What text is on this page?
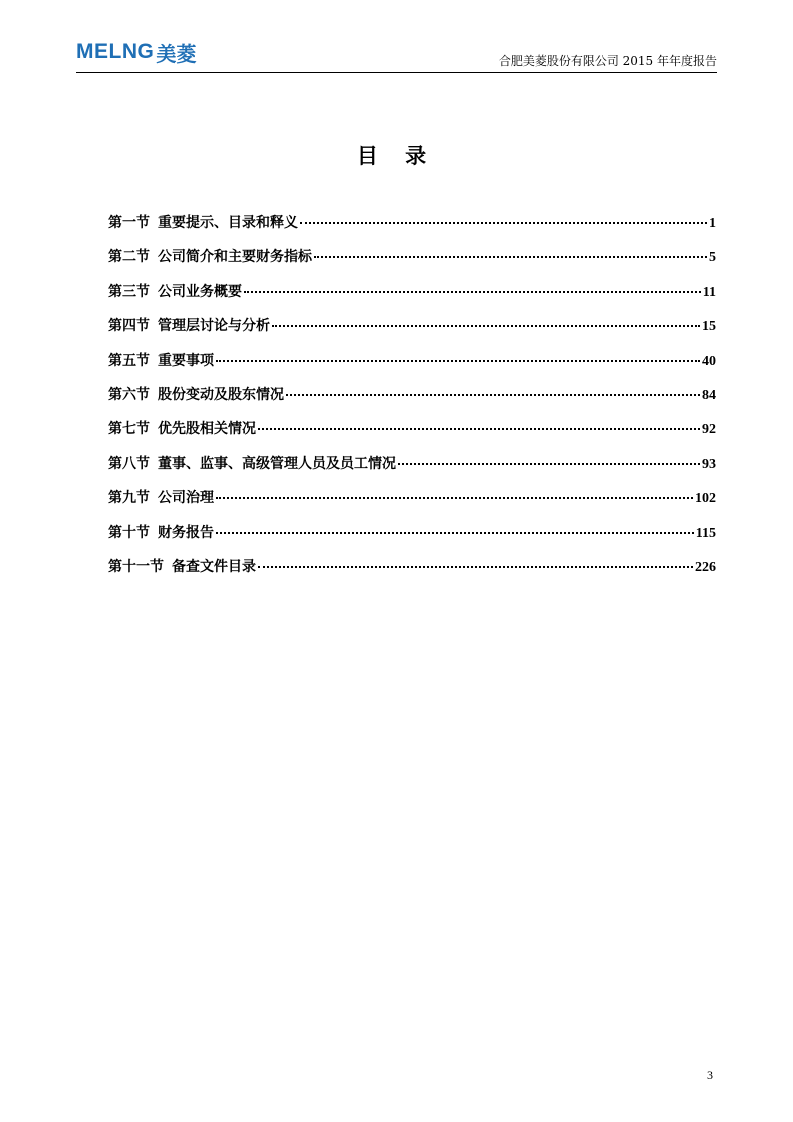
MELNG 美菱	合肥美菱股份有限公司 2015 年年度报告
目 录
第一节 重要提示、目录和释义	1
第二节 公司简介和主要财务指标	5
第三节 公司业务概要	11
第四节 管理层讨论与分析	15
第五节 重要事项	40
第六节 股份变动及股东情况	84
第七节 优先股相关情况	92
第八节 董事、监事、高级管理人员及员工情况	93
第九节 公司治理	102
第十节 财务报告	115
第十一节 备查文件目录	226
3
